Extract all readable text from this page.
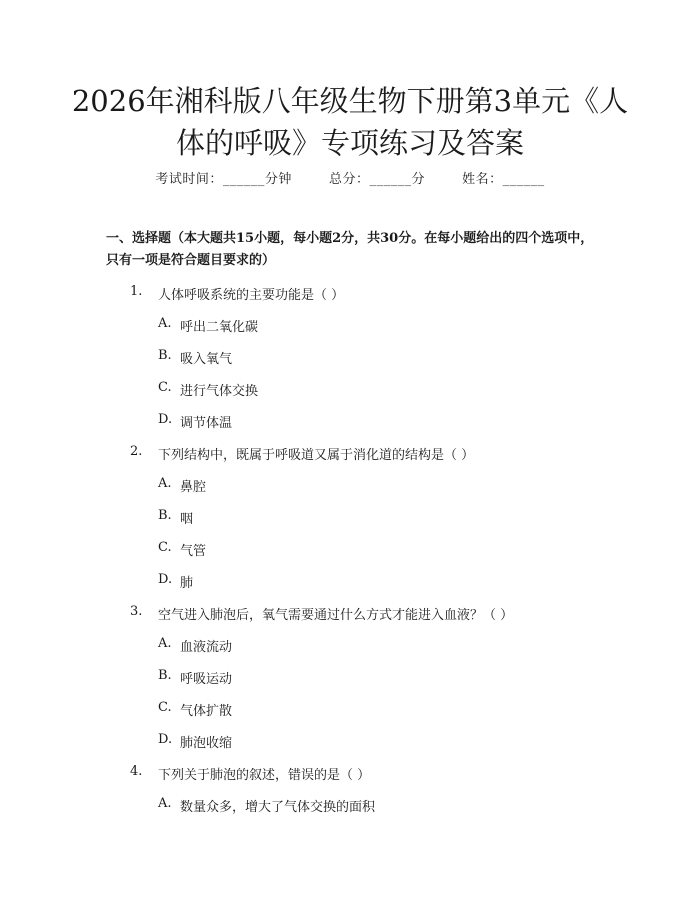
2026年湘科版八年级生物下册第3单元《人体的呼吸》专项练习及答案
考试时间：______分钟	总分：______分	姓名：______

一、选择题（本大题共15小题，每小题2分，共30分。在每小题给出的四个选项中，只有一项是符合题目要求的）

1. 人体呼吸系统的主要功能是（ ）
A. 呼出二氧化碳
B. 吸入氧气
C. 进行气体交换
D. 调节体温
2. 下列结构中，既属于呼吸道又属于消化道的结构是（ ）
A. 鼻腔
B. 咽
C. 气管
D. 肺
3. 空气进入肺泡后，氧气需要通过什么方式才能进入血液？（ ）
A. 血液流动
B. 呼吸运动
C. 气体扩散
D. 肺泡收缩
4. 下列关于肺泡的叙述，错误的是（ ）
A. 数量众多，增大了气体交换的面积
